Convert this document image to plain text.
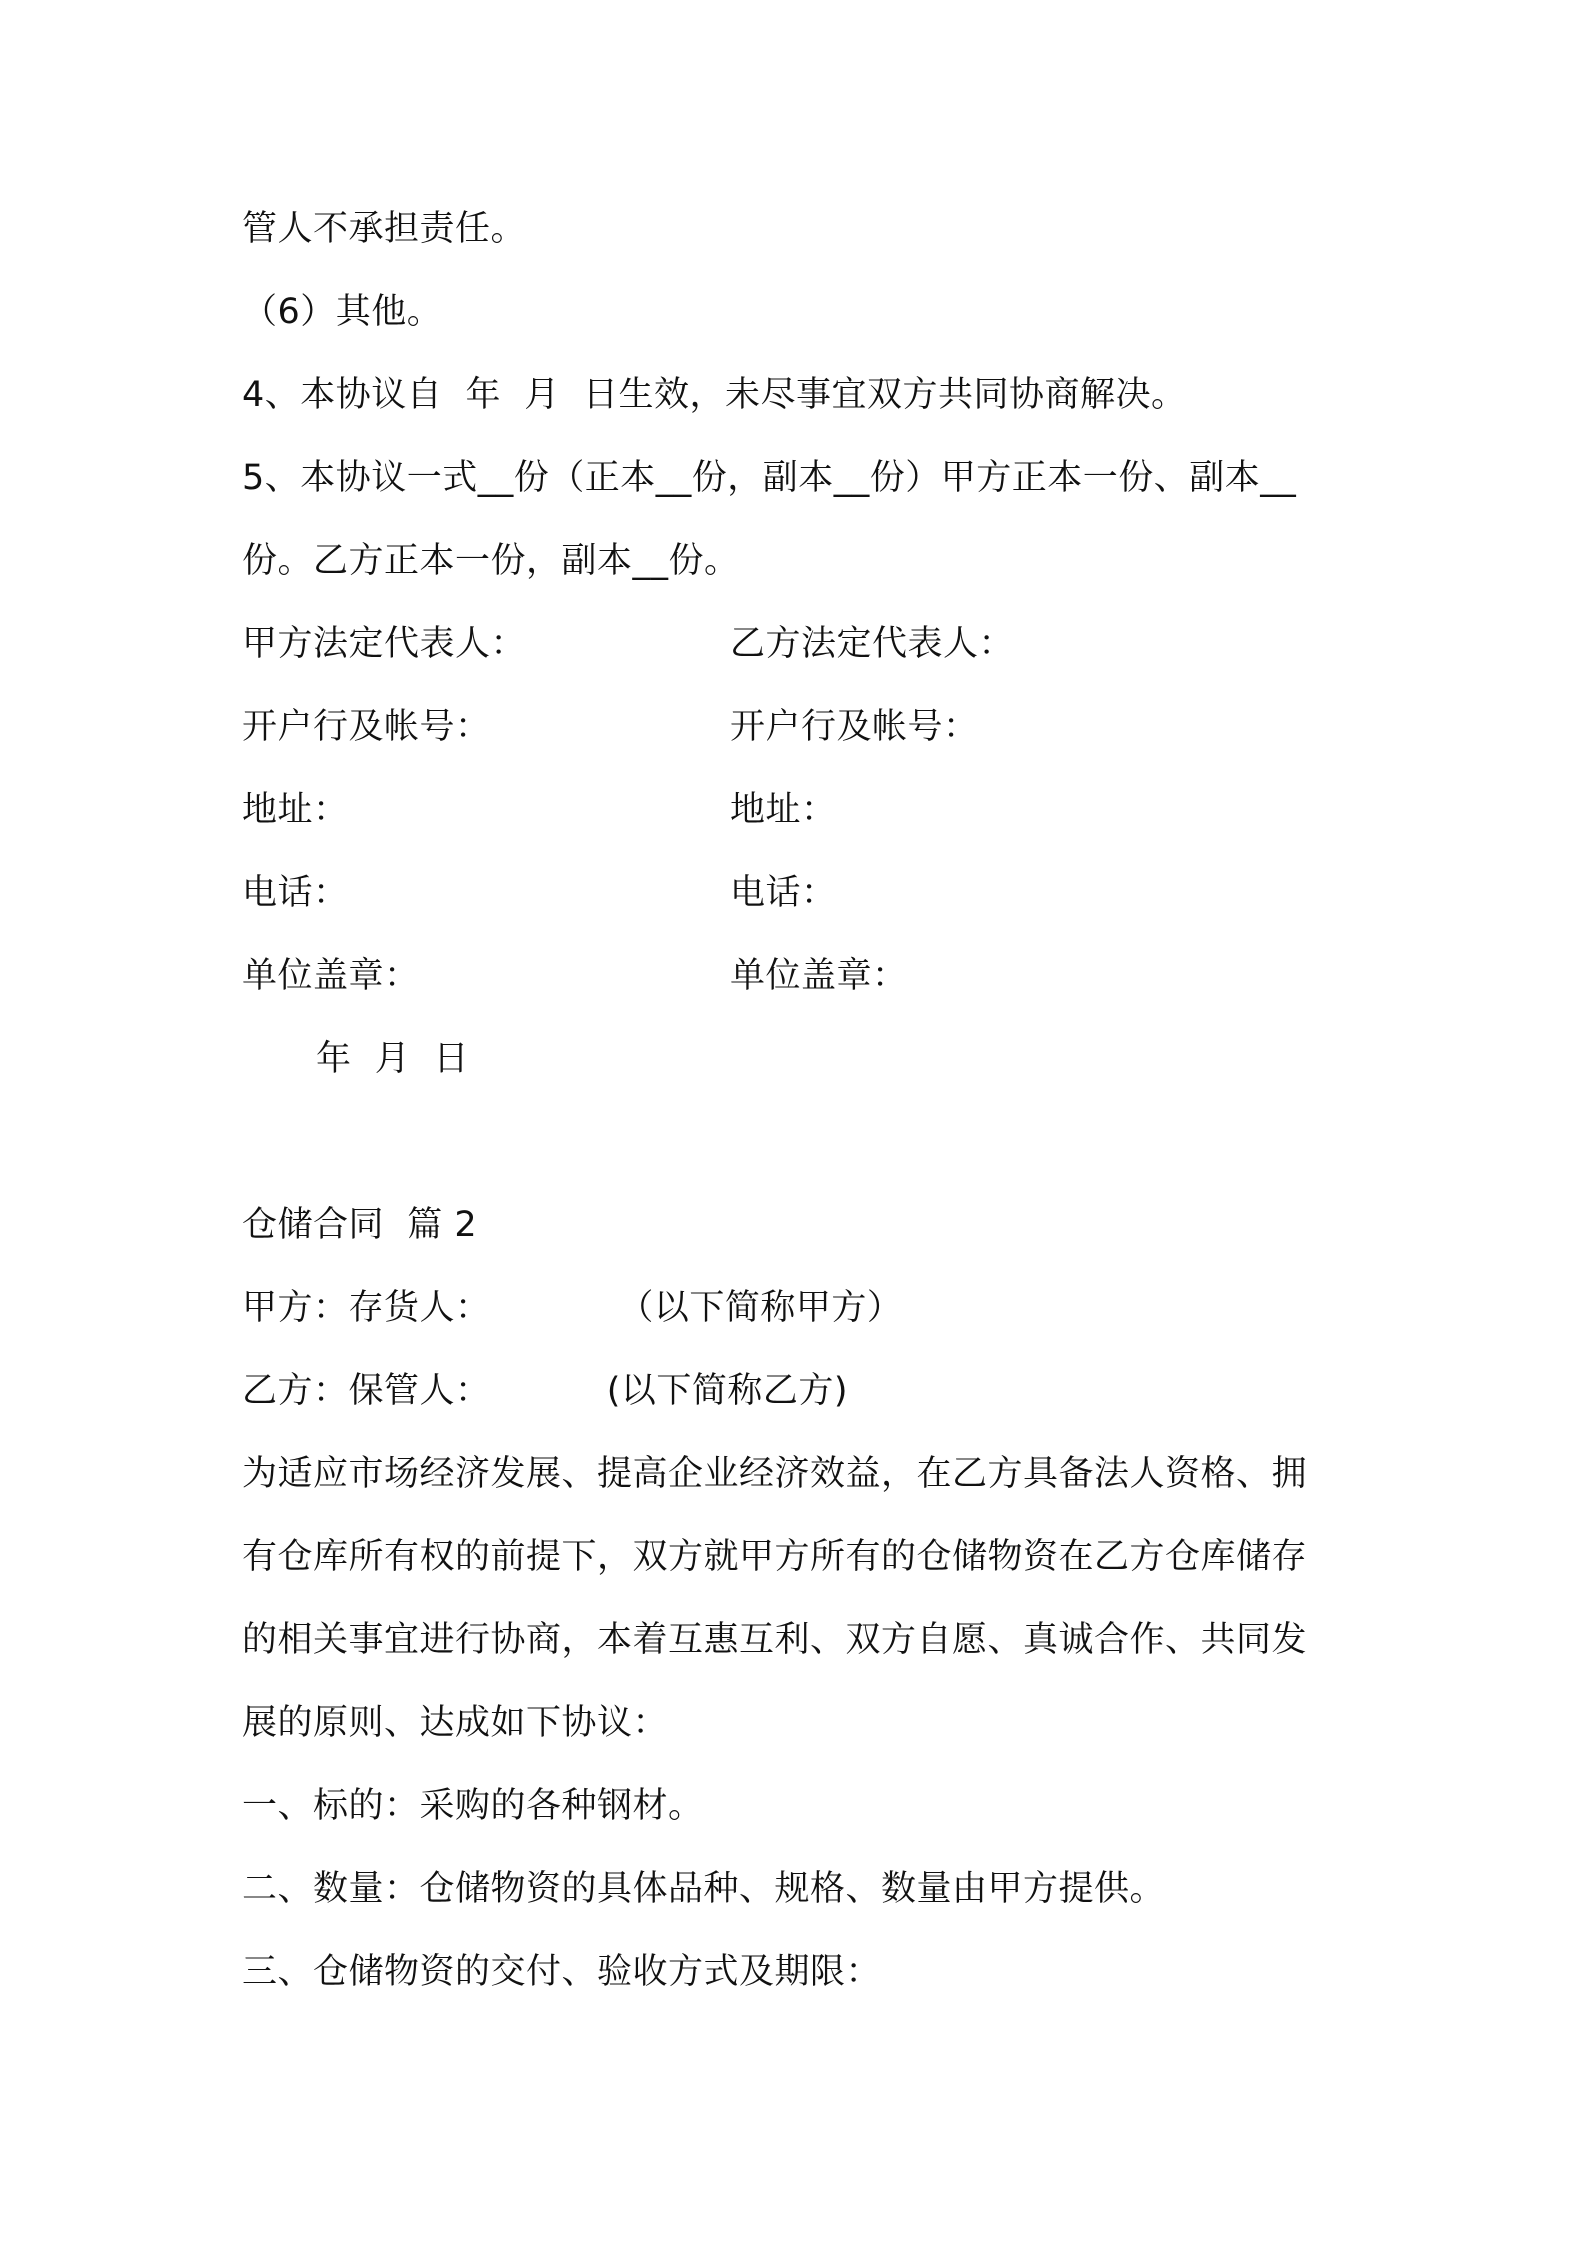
管人不承担责任。
（6）其他。
4、本协议自  年  月  日生效，未尽事宜双方共同协商解决。
5、本协议一式__份（正本__份，副本__份）甲方正本一份、副本__
份。乙方正本一份，副本__份。
甲方法定代表人：	乙方法定代表人：
开户行及帐号：	开户行及帐号：
地址：	地址：
电话：	电话：
单位盖章：	单位盖章：
年  月  日
仓储合同  篇 2
甲方：存货人：           （以下简称甲方）
乙方：保管人：          (以下简称乙方)
为适应市场经济发展、提高企业经济效益，在乙方具备法人资格、拥
有仓库所有权的前提下，双方就甲方所有的仓储物资在乙方仓库储存
的相关事宜进行协商，本着互惠互利、双方自愿、真诚合作、共同发
展的原则、达成如下协议：
一、标的：采购的各种钢材。
二、数量：仓储物资的具体品种、规格、数量由甲方提供。
三、仓储物资的交付、验收方式及期限：
